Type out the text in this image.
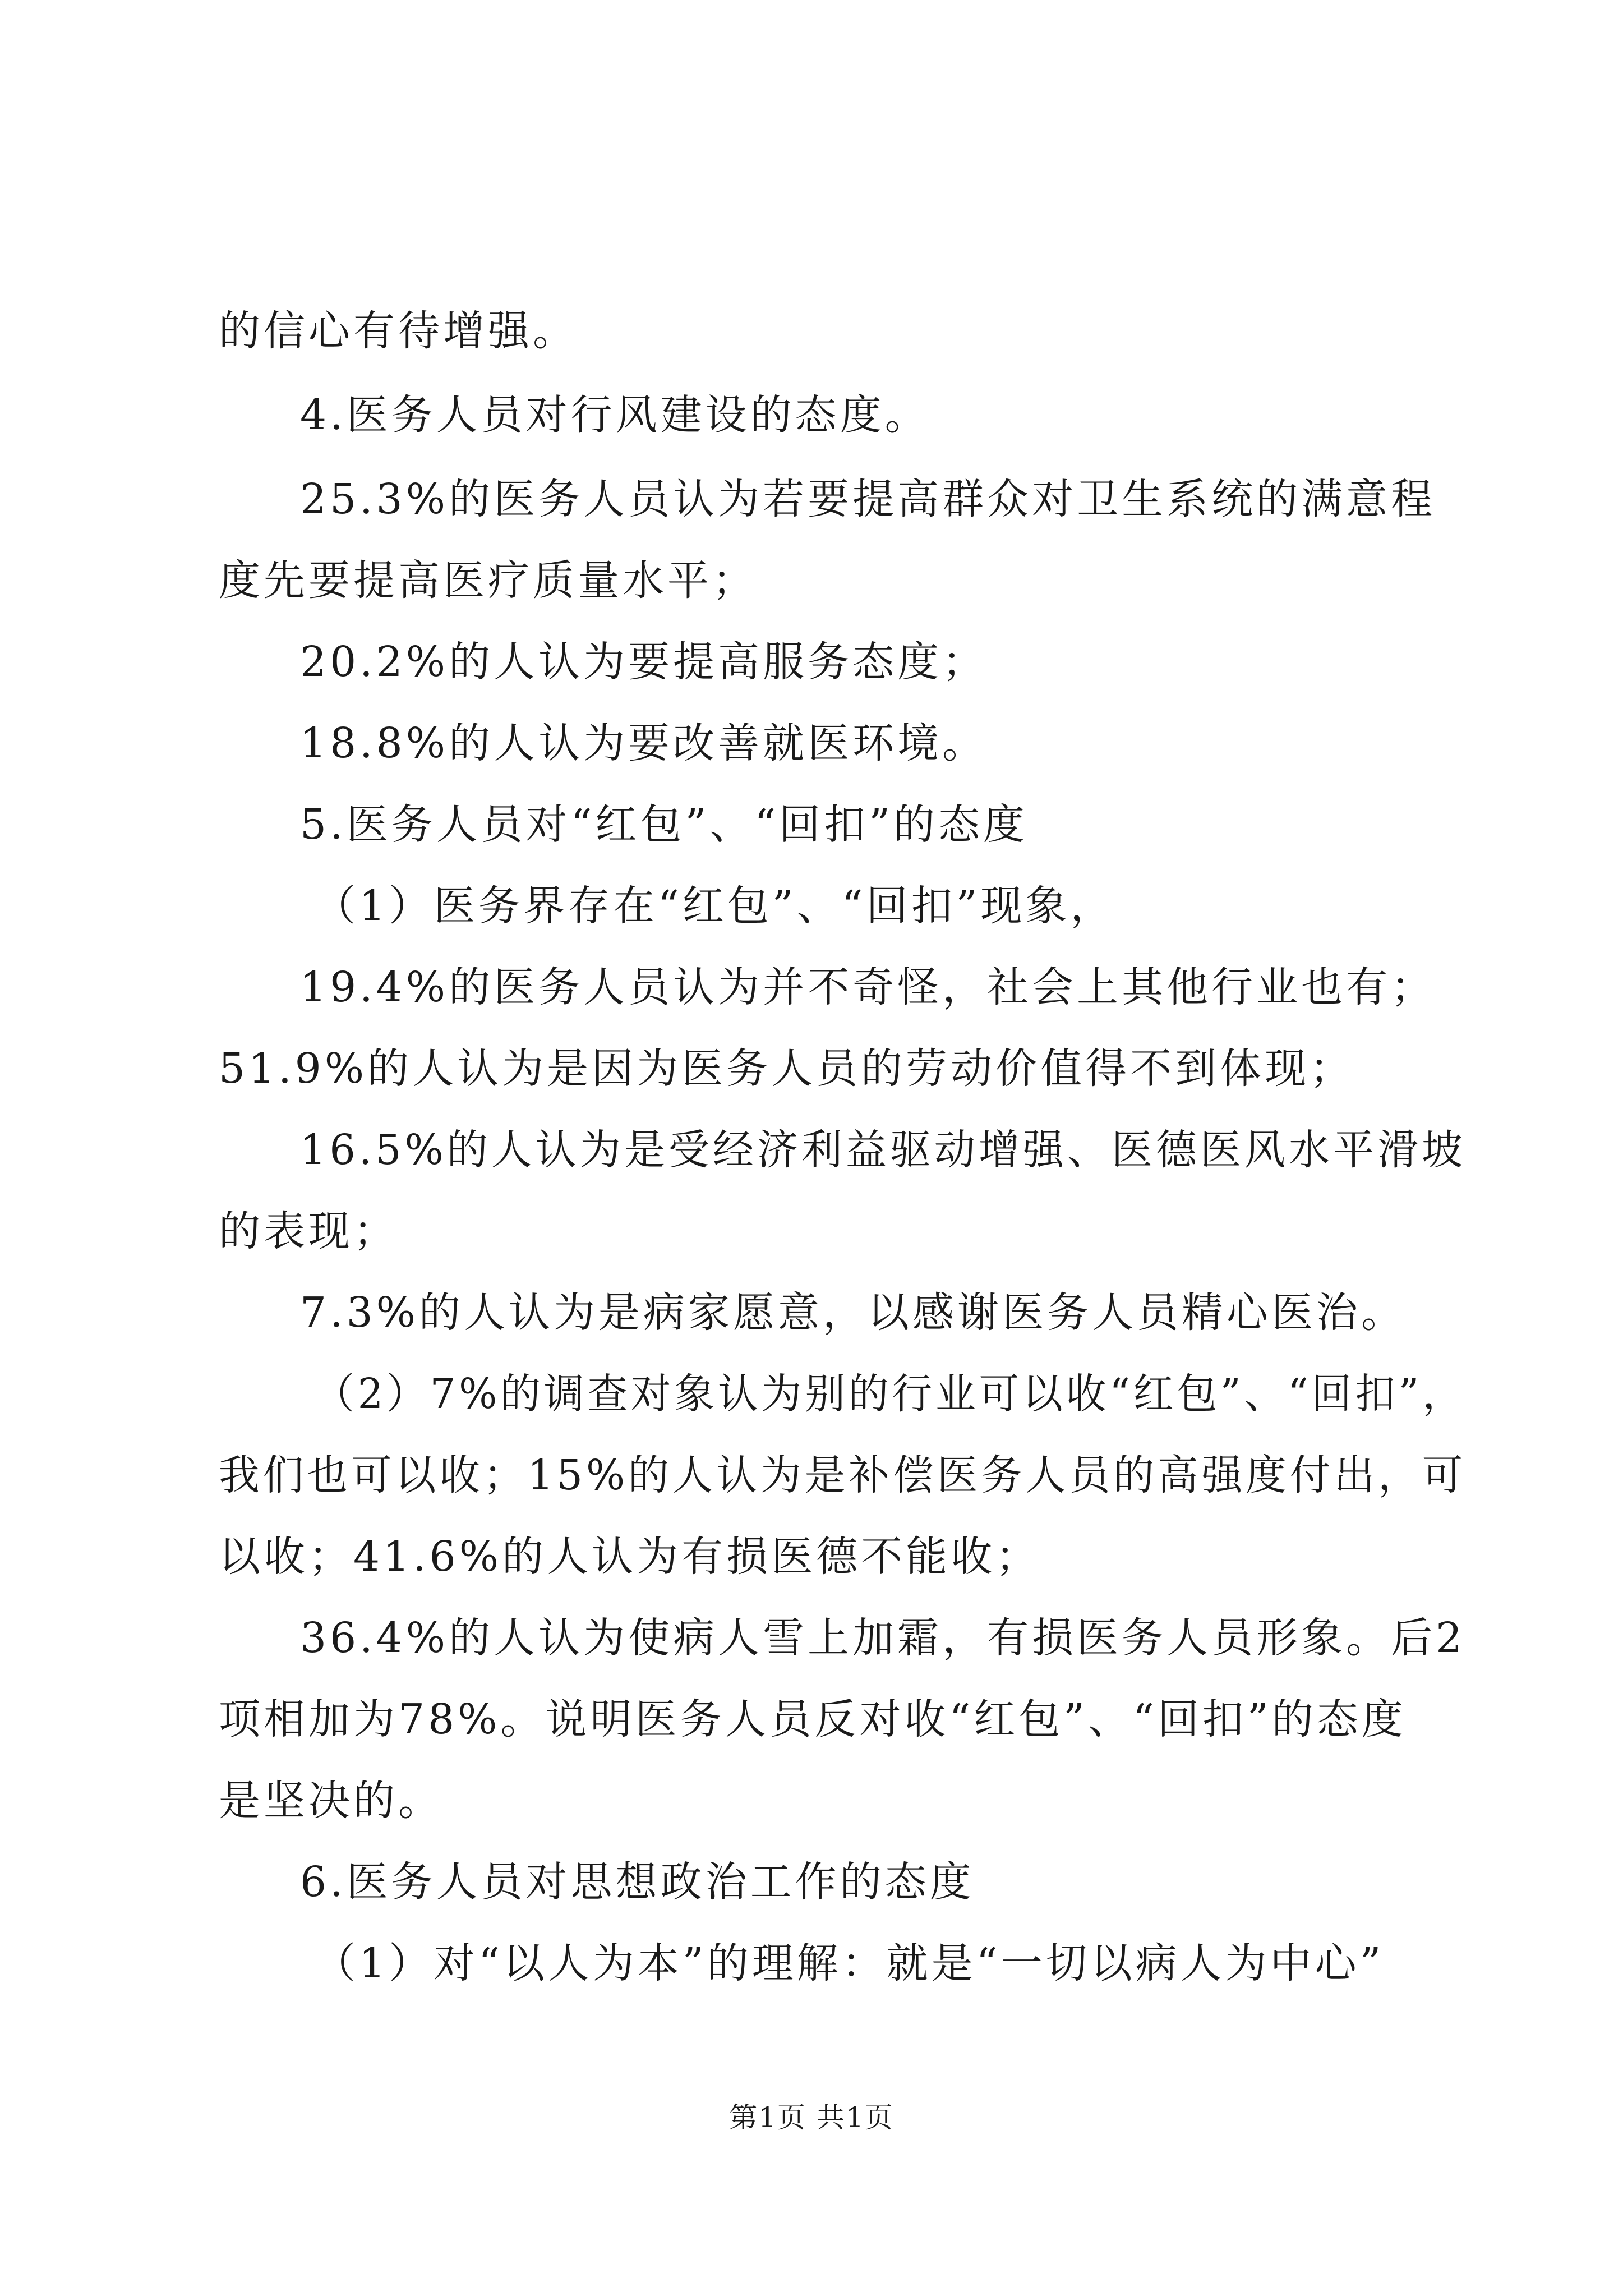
的信心有待增强。
4.医务人员对行风建设的态度。
25.3%的医务人员认为若要提高群众对卫生系统的满意程
度先要提高医疗质量水平；
20.2%的人认为要提高服务态度；
18.8%的人认为要改善就医环境。
5.医务人员对“红包”、“回扣”的态度
（1）医务界存在“红包”、“回扣”现象，
19.4%的医务人员认为并不奇怪，社会上其他行业也有；
51.9%的人认为是因为医务人员的劳动价值得不到体现；
16.5%的人认为是受经济利益驱动增强、医德医风水平滑坡
的表现；
7.3%的人认为是病家愿意，以感谢医务人员精心医治。
（2）7%的调查对象认为别的行业可以收“红包”、“回扣”，
我们也可以收；15%的人认为是补偿医务人员的高强度付出，可
以收；41.6%的人认为有损医德不能收；
36.4%的人认为使病人雪上加霜，有损医务人员形象。后2
项相加为78%。说明医务人员反对收“红包”、“回扣”的态度
是坚决的。
6.医务人员对思想政治工作的态度
（1）对“以人为本”的理解：就是“一切以病人为中心”
第1页 共1页
